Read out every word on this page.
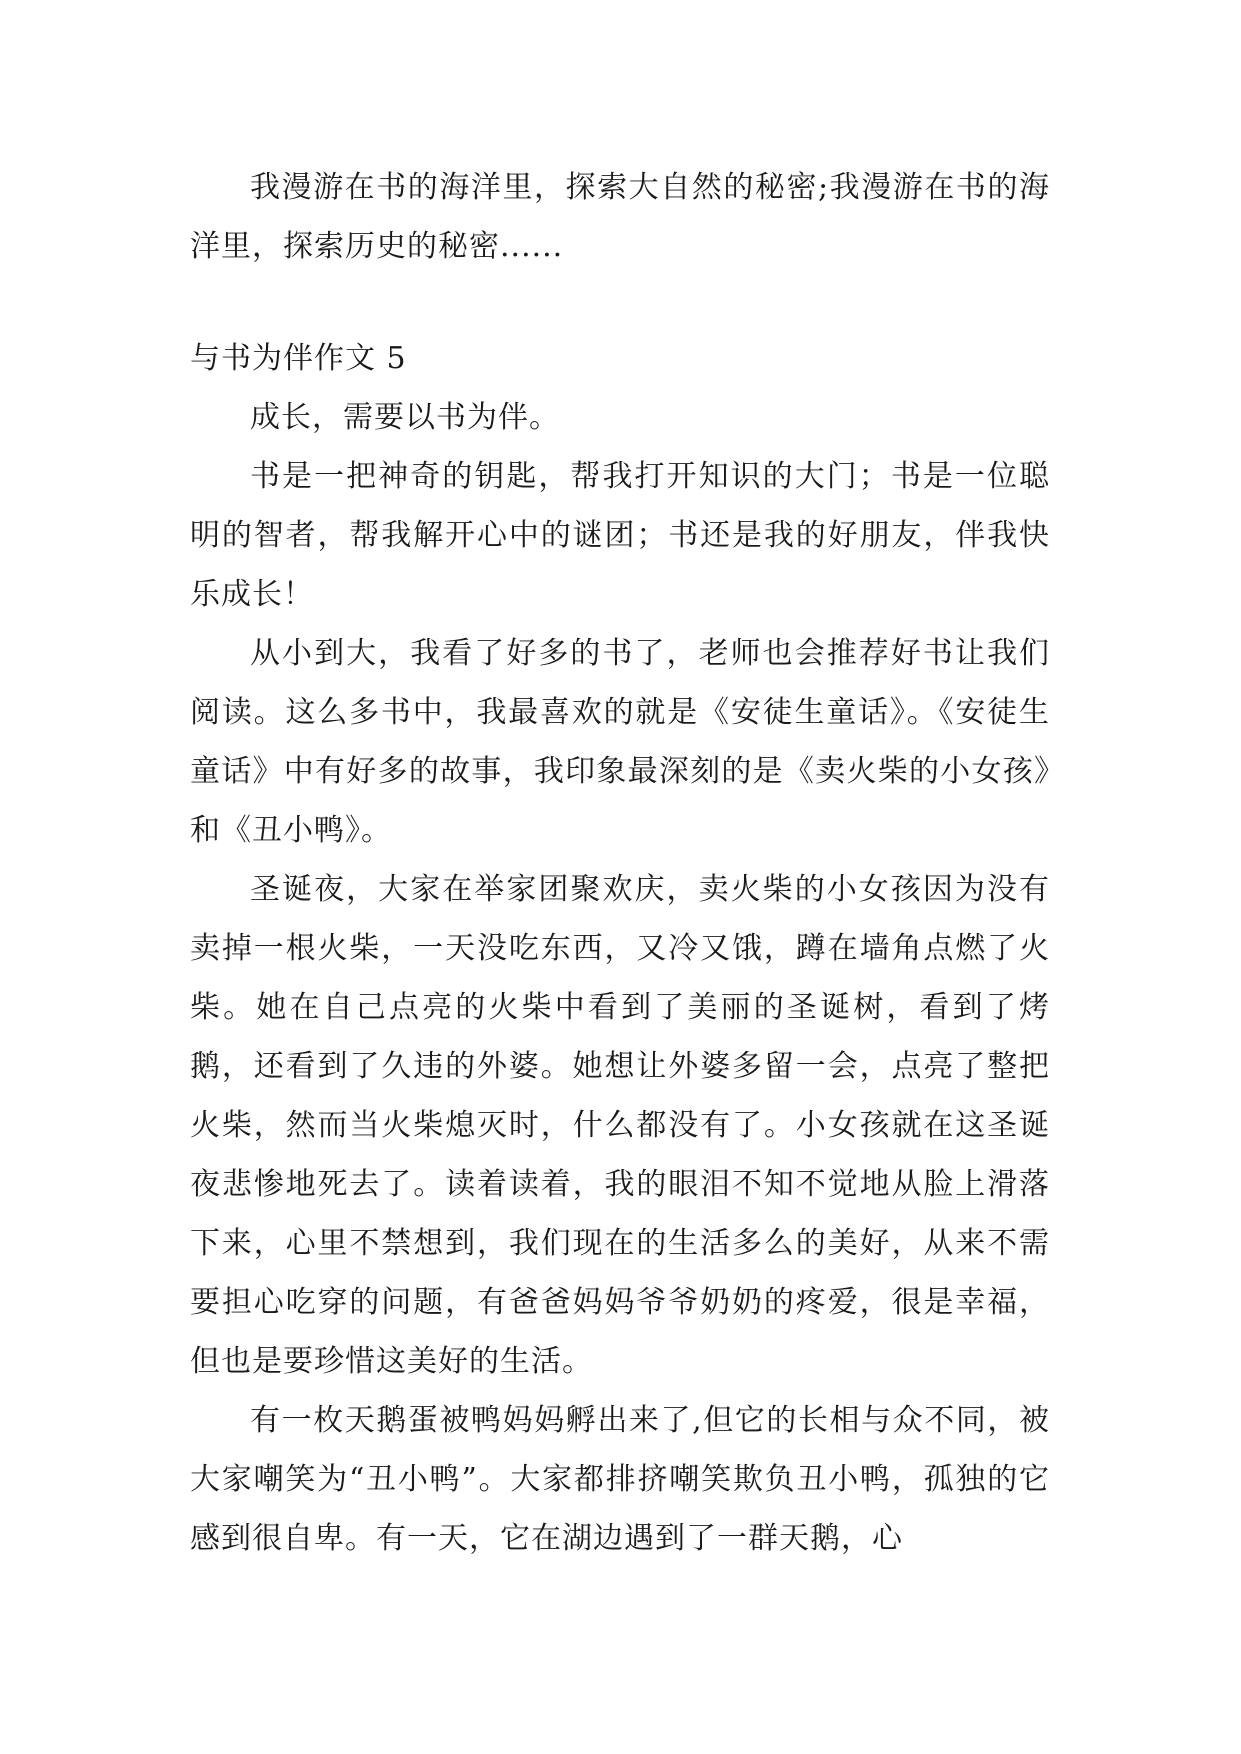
我漫游在书的海洋里，探索大自然的秘密;我漫游在书的海洋里，探索历史的秘密......

与书为伴作文 5

成长，需要以书为伴。

书是一把神奇的钥匙，帮我打开知识的大门；书是一位聪明的智者，帮我解开心中的谜团；书还是我的好朋友，伴我快乐成长！

从小到大，我看了好多的书了，老师也会推荐好书让我们阅读。这么多书中，我最喜欢的就是《安徒生童话》。《安徒生童话》中有好多的故事，我印象最深刻的是《卖火柴的小女孩》和《丑小鸭》。

圣诞夜，大家在举家团聚欢庆，卖火柴的小女孩因为没有卖掉一根火柴，一天没吃东西，又冷又饿，蹲在墙角点燃了火柴。她在自己点亮的火柴中看到了美丽的圣诞树，看到了烤鹅，还看到了久违的外婆。她想让外婆多留一会，点亮了整把火柴，然而当火柴熄灭时，什么都没有了。小女孩就在这圣诞夜悲惨地死去了。读着读着，我的眼泪不知不觉地从脸上滑落下来，心里不禁想到，我们现在的生活多么的美好，从来不需要担心吃穿的问题，有爸爸妈妈爷爷奶奶的疼爱，很是幸福，但也是要珍惜这美好的生活。

有一枚天鹅蛋被鸭妈妈孵出来了,但它的长相与众不同，被大家嘲笑为“丑小鸭”。大家都排挤嘲笑欺负丑小鸭，孤独的它感到很自卑。有一天，它在湖边遇到了一群天鹅，心
